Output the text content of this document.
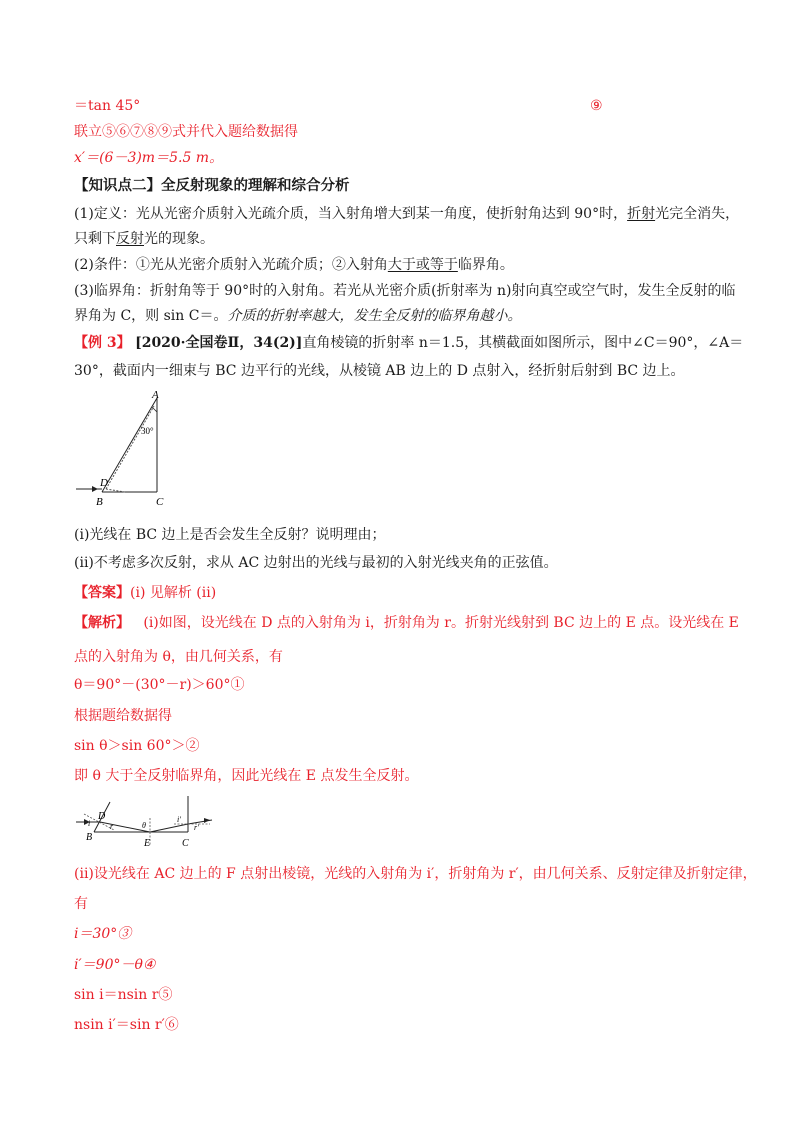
＝tan 45°	⑨
联立⑤⑥⑦⑧⑨式并代入题给数据得
x′＝(6－3)m＝5.5 m。
【知识点二】全反射现象的理解和综合分析
(1)定义：光从光密介质射入光疏介质，当入射角增大到某一角度，使折射角达到 90°时，折射光完全消失，
只剩下反射光的现象。
(2)条件：①光从光密介质射入光疏介质；②入射角大于或等于临界角。
(3)临界角：折射角等于 90°时的入射角。若光从光密介质(折射率为 n)射向真空或空气时，发生全反射的临
界角为 C，则 sin C＝。介质的折射率越大，发生全反射的临界角越小。
【例 3】 [2020·全国卷Ⅱ，34(2)]直角棱镜的折射率 n＝1.5，其横截面如图所示，图中∠C＝90°，∠A＝
30°，截面内一细束与 BC 边平行的光线，从棱镜 AB 边上的 D 点射入，经折射后射到 BC 边上。
A
30°
D
B	C
(i)光线在 BC 边上是否会发生全反射？说明理由；
(ii)不考虑多次反射，求从 AC 边射出的光线与最初的入射光线夹角的正弦值。
【答案】(i) 见解析 (ii)
【解析】 (i)如图，设光线在 D 点的入射角为 i，折射角为 r。折射光线射到 BC 边上的 E 点。设光线在 E
点的入射角为 θ，由几何关系，有
θ＝90°－(30°－r)＞60°①
根据题给数据得
sin θ＞sin 60°＞②
即 θ 大于全反射临界角，因此光线在 E 点发生全反射。
D
i r	θ
i′
r′
B
E	C
(ii)设光线在 AC 边上的 F 点射出棱镜，光线的入射角为 i′，折射角为 r′，由几何关系、反射定律及折射定律，
有
i＝30°③
i′＝90°－θ④
sin i＝nsin r⑤
nsin i′＝sin r′⑥
